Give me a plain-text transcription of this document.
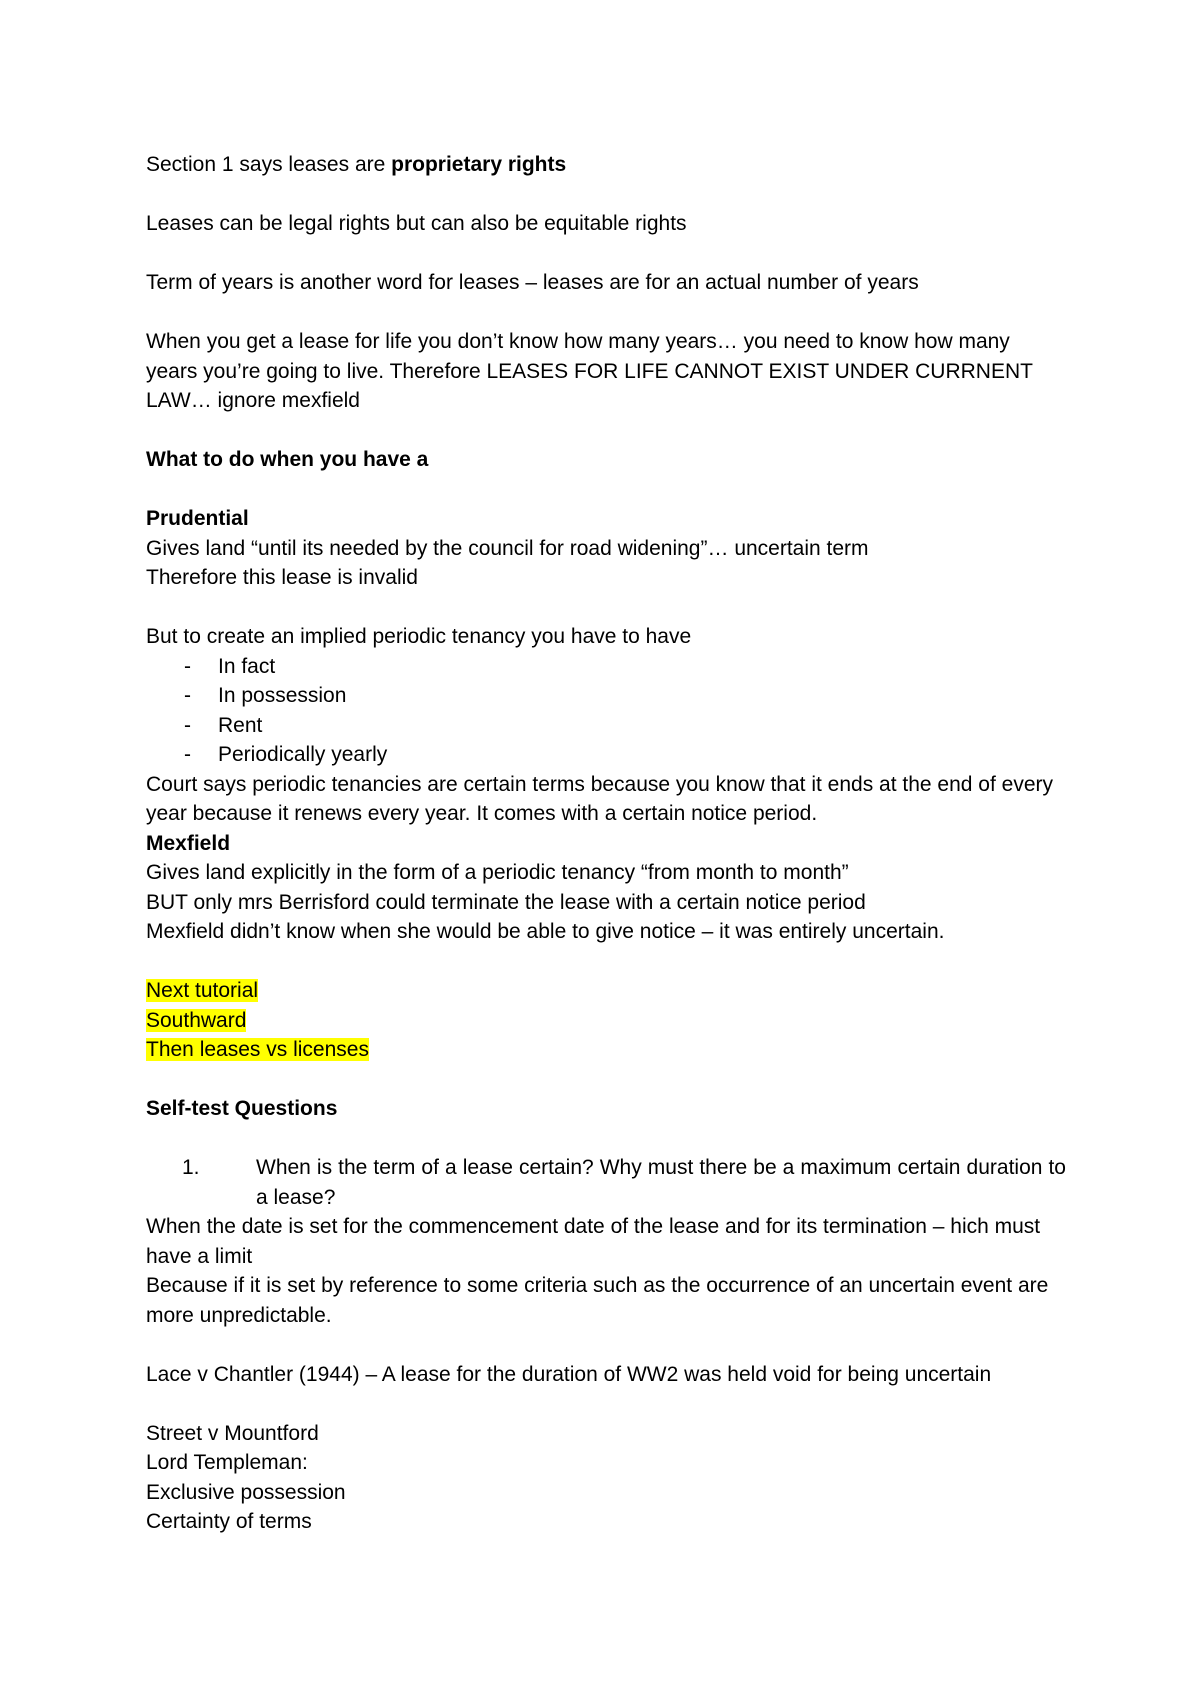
Section 1 says leases are proprietary rights

Leases can be legal rights but can also be equitable rights

Term of years is another word for leases – leases are for an actual number of years

When you get a lease for life you don’t know how many years… you need to know how many years you’re going to live. Therefore LEASES FOR LIFE CANNOT EXIST UNDER CURRNENT LAW… ignore mexfield

What to do when you have a

Prudential

Gives land “until its needed by the council for road widening”… uncertain term

Therefore this lease is invalid

But to create an implied periodic tenancy you have to have

- In fact
- In possession
- Rent
- Periodically yearly

Court says periodic tenancies are certain terms because you know that it ends at the end of every year because it renews every year. It comes with a certain notice period.

Mexfield

Gives land explicitly in the form of a periodic tenancy “from month to month”

BUT only mrs Berrisford could terminate the lease with a certain notice period

Mexfield didn’t know when she would be able to give notice – it was entirely uncertain.

Next tutorial

Southward

Then leases vs licenses

Self-test Questions

1.	When is the term of a lease certain? Why must there be a maximum certain duration to a lease?

When the date is set for the commencement date of the lease and for its termination – hich must have a limit

Because if it is set by reference to some criteria such as the occurrence of an uncertain event are more unpredictable.

Lace v Chantler (1944) – A lease for the duration of WW2 was held void for being uncertain

Street v Mountford

Lord Templeman:

Exclusive possession

Certainty of terms
